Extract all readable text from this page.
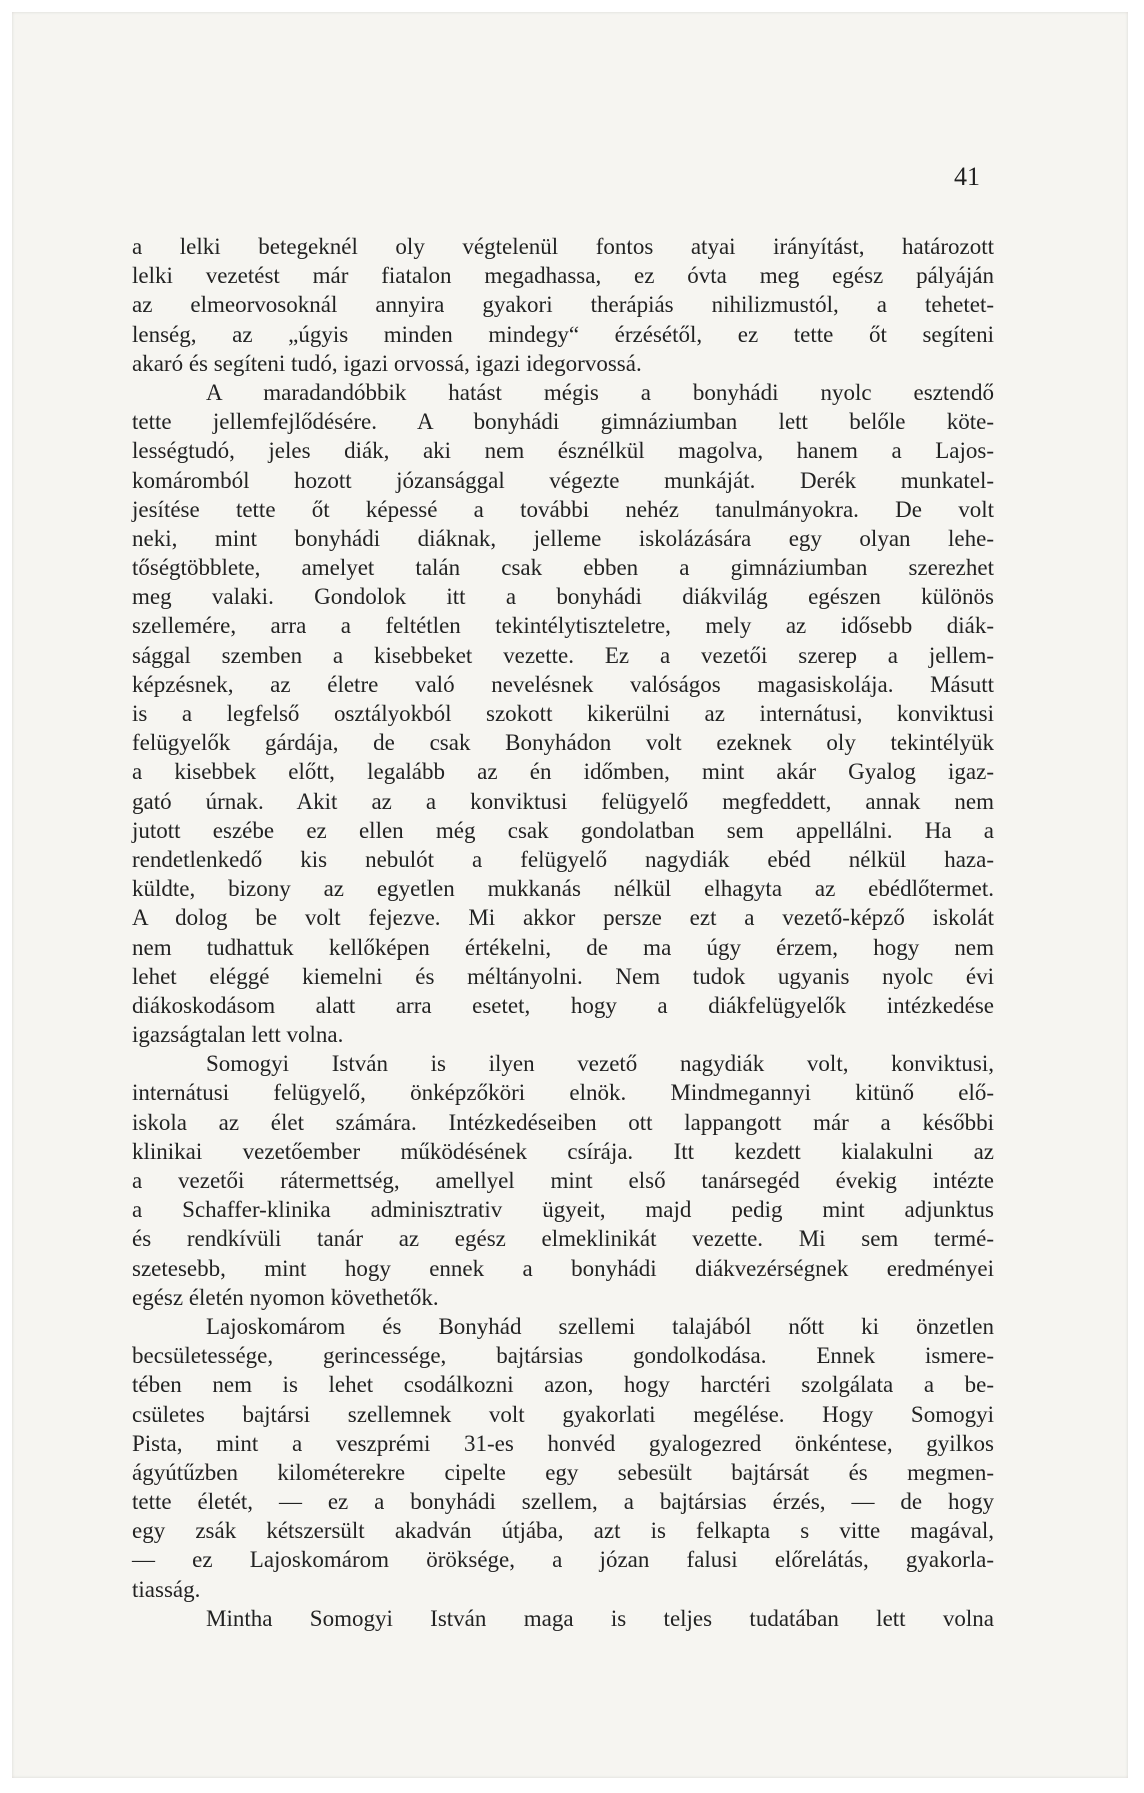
41
a lelki betegeknél oly végtelenül fontos atyai irányítást, határozott
lelki vezetést már fiatalon megadhassa, ez óvta meg egész pályáján
az elmeorvosoknál annyira gyakori therápiás nihilizmustól, a tehetet-
lenség, az „úgyis minden mindegy“ érzésétől, ez tette őt segíteni
akaró és segíteni tudó, igazi orvossá, igazi idegorvossá.
A maradandóbbik hatást mégis a bonyhádi nyolc esztendő
tette jellemfejlődésére. A bonyhádi gimnáziumban lett belőle köte-
lességtudó, jeles diák, aki nem észnélkül magolva, hanem a Lajos-
komáromból hozott józansággal végezte munkáját. Derék munkatel-
jesítése tette őt képessé a további nehéz tanulmányokra. De volt
neki, mint bonyhádi diáknak, jelleme iskolázására egy olyan lehe-
tőségtöbblete, amelyet talán csak ebben a gimnáziumban szerezhet
meg valaki. Gondolok itt a bonyhádi diákvilág egészen különös
szellemére, arra a feltétlen tekintélytiszteletre, mely az idősebb diák-
sággal szemben a kisebbeket vezette. Ez a vezetői szerep a jellem-
képzésnek, az életre való nevelésnek valóságos magasiskolája. Másutt
is a legfelső osztályokból szokott kikerülni az internátusi, konviktusi
felügyelők gárdája, de csak Bonyhádon volt ezeknek oly tekintélyük
a kisebbek előtt, legalább az én időmben, mint akár Gyalog igaz-
gató úrnak. Akit az a konviktusi felügyelő megfeddett, annak nem
jutott eszébe ez ellen még csak gondolatban sem appellálni. Ha a
rendetlenkedő kis nebulót a felügyelő nagydiák ebéd nélkül haza-
küldte, bizony az egyetlen mukkanás nélkül elhagyta az ebédlőtermet.
A dolog be volt fejezve. Mi akkor persze ezt a vezető-képző iskolát
nem tudhattuk kellőképen értékelni, de ma úgy érzem, hogy nem
lehet eléggé kiemelni és méltányolni. Nem tudok ugyanis nyolc évi
diákoskodásom alatt arra esetet, hogy a diákfelügyelők intézkedése
igazságtalan lett volna.
Somogyi István is ilyen vezető nagydiák volt, konviktusi,
internátusi felügyelő, önképzőköri elnök. Mindmegannyi kitünő elő-
iskola az élet számára. Intézkedéseiben ott lappangott már a későbbi
klinikai vezetőember működésének csírája. Itt kezdett kialakulni az
a vezetői rátermettség, amellyel mint első tanársegéd évekig intézte
a Schaffer-klinika adminisztrativ ügyeit, majd pedig mint adjunktus
és rendkívüli tanár az egész elmeklinikát vezette. Mi sem termé-
szetesebb, mint hogy ennek a bonyhádi diákvezérségnek eredményei
egész életén nyomon követhetők.
Lajoskomárom és Bonyhád szellemi talajából nőtt ki önzetlen
becsületessége, gerincessége, bajtársias gondolkodása. Ennek ismere-
tében nem is lehet csodálkozni azon, hogy harctéri szolgálata a be-
csületes bajtársi szellemnek volt gyakorlati megélése. Hogy Somogyi
Pista, mint a veszprémi 31-es honvéd gyalogezred önkéntese, gyilkos
ágyútűzben kilométerekre cipelte egy sebesült bajtársát és megmen-
tette életét, — ez a bonyhádi szellem, a bajtársias érzés, — de hogy
egy zsák kétszersült akadván útjába, azt is felkapta s vitte magával,
— ez Lajoskomárom öröksége, a józan falusi előrelátás, gyakorla-
tiasság.
Mintha Somogyi István maga is teljes tudatában lett volna
